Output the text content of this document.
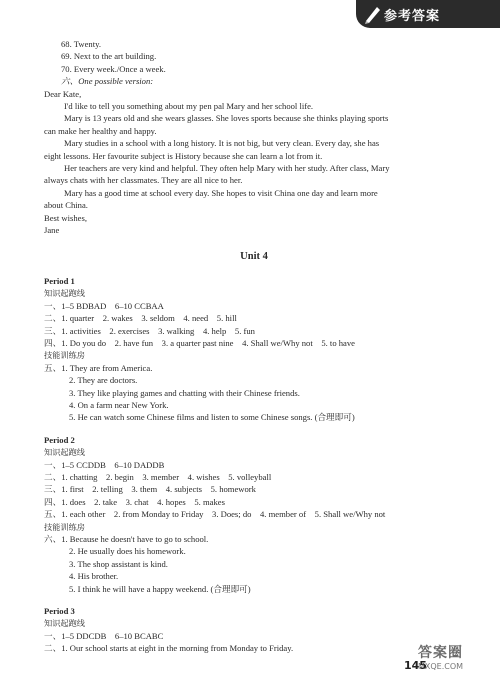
参考答案
68. Twenty.
69. Next to the art building.
70. Every week./Once a week.
六、One possible version:
Dear Kate,
I'd like to tell you something about my pen pal Mary and her school life.
Mary is 13 years old and she wears glasses. She loves sports because she thinks playing sports
can make her healthy and happy.
Mary studies in a school with a long history. It is not big, but very clean. Every day, she has
eight lessons. Her favourite subject is History because she can learn a lot from it.
Her teachers are very kind and helpful. They often help Mary with her study. After class, Mary
always chats with her classmates. They are all nice to her.
Mary has a good time at school every day. She hopes to visit China one day and learn more
about China.
Best wishes,
Jane
Unit 4
Period 1
知识起跑线
一、1–5 BDBAD　6–10 CCBAA
二、1. quarter　2. wakes　3. seldom　4. need　5. hill
三、1. activities　2. exercises　3. walking　4. help　5. fun
四、1. Do you do　2. have fun　3. a quarter past nine　4. Shall we/Why not　5. to have
技能训练房
五、1. They are from America.
2. They are doctors.
3. They like playing games and chatting with their Chinese friends.
4. On a farm near New York.
5. He can watch some Chinese films and listen to some Chinese songs. (合理即可)
Period 2
知识起跑线
一、1–5 CCDDB　6–10 DADDB
二、1. chatting　2. begin　3. member　4. wishes　5. volleyball
三、1. first　2. telling　3. them　4. subjects　5. homework
四、1. does　2. take　3. chat　4. hopes　5. makes
五、1. each other　2. from Monday to Friday　3. Does; do　4. member of　5. Shall we/Why not
技能训练房
六、1. Because he doesn't have to go to school.
2. He usually does his homework.
3. The shop assistant is kind.
4. His brother.
5. I think he will have a happy weekend. (合理即可)
Period 3
知识起跑线
一、1–5 DDCDB　6–10 BCABC
二、1. Our school starts at eight in the morning from Monday to Friday.
145
答案圈
MXQE.COM
